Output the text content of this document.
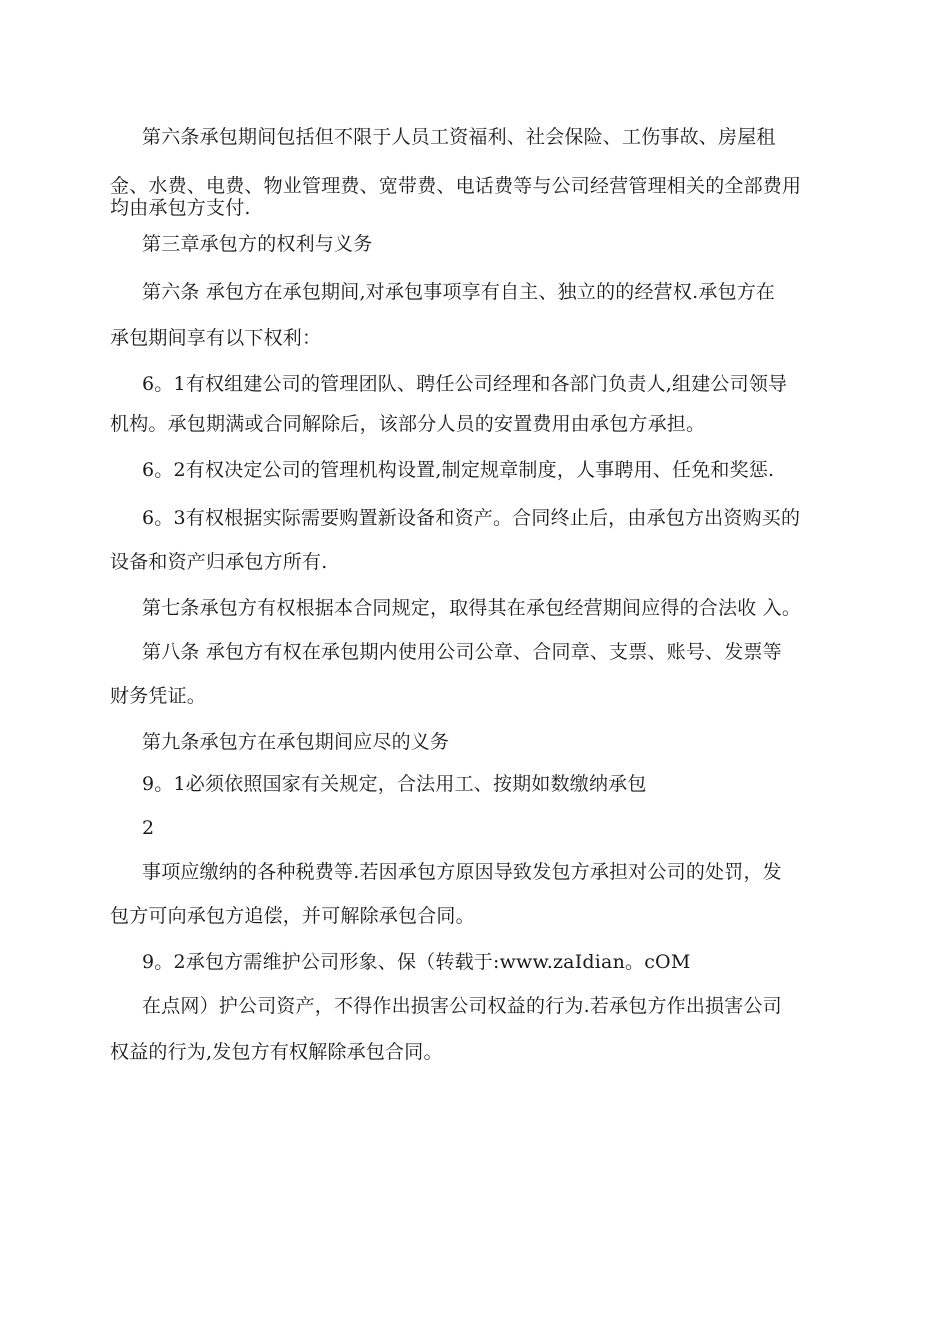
第六条承包期间包括但不限于人员工资福利、社会保险、工伤事故、房屋租
金、水费、电费、物业管理费、宽带费、电话费等与公司经营管理相关的全部费用
均由承包方支付.
第三章承包方的权利与义务
第六条 承包方在承包期间,对承包事项享有自主、独立的的经营权.承包方在
承包期间享有以下权利：
6。1有权组建公司的管理团队、聘任公司经理和各部门负责人,组建公司领导
机构。承包期满或合同解除后，该部分人员的安置费用由承包方承担。
6。2有权决定公司的管理机构设置,制定规章制度，人事聘用、任免和奖惩.
6。3有权根据实际需要购置新设备和资产。合同终止后，由承包方出资购买的
设备和资产归承包方所有.
第七条承包方有权根据本合同规定，取得其在承包经营期间应得的合法收 入。
第八条 承包方有权在承包期内使用公司公章、合同章、支票、账号、发票等
财务凭证。
第九条承包方在承包期间应尽的义务
9。1必须依照国家有关规定，合法用工、按期如数缴纳承包
2
事项应缴纳的各种税费等.若因承包方原因导致发包方承担对公司的处罚，发
包方可向承包方追偿，并可解除承包合同。
9。2承包方需维护公司形象、保（转载于:www.zaIdian。cOM
在点网）护公司资产，不得作出损害公司权益的行为.若承包方作出损害公司
权益的行为,发包方有权解除承包合同。
